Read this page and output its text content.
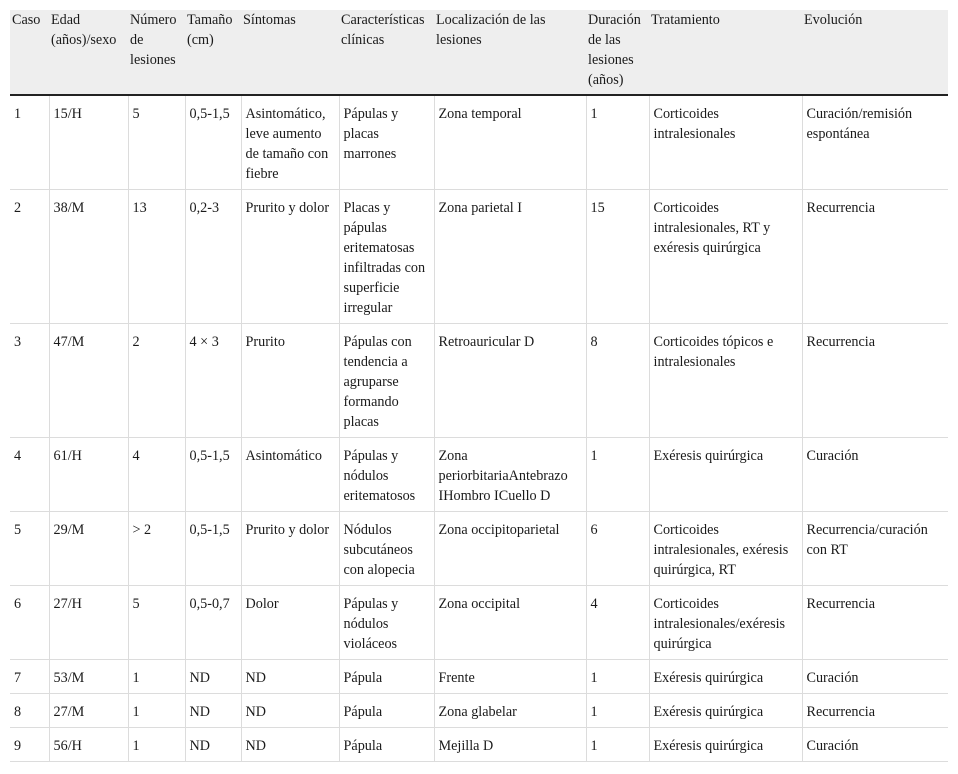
Caso	Edad (años)/sexo	Número de lesiones	Tamaño (cm)	Síntomas	Características clínicas	Localización de las lesiones	Duración de las lesiones (años)	Tratamiento	Evolución
1	15/H	5	0,5-1,5	Asintomático, leve aumento de tamaño con fiebre	Pápulas y placas marrones	Zona temporal	1	Corticoides intralesionales	Curación/remisión espontánea
2	38/M	13	0,2-3	Prurito y dolor	Placas y pápulas eritematosas infiltradas con superficie irregular	Zona parietal I	15	Corticoides intralesionales, RT y exéresis quirúrgica	Recurrencia
3	47/M	2	4 × 3	Prurito	Pápulas con tendencia a agruparse formando placas	Retroauricular D	8	Corticoides tópicos e intralesionales	Recurrencia
4	61/H	4	0,5-1,5	Asintomático	Pápulas y nódulos eritematosos	Zona periorbitariaAntebrazo IHombro ICuello D	1	Exéresis quirúrgica	Curación
5	29/M	> 2	0,5-1,5	Prurito y dolor	Nódulos subcutáneos con alopecia	Zona occipitoparietal	6	Corticoides intralesionales, exéresis quirúrgica, RT	Recurrencia/curación con RT
6	27/H	5	0,5-0,7	Dolor	Pápulas y nódulos violáceos	Zona occipital	4	Corticoides intralesionales/exéresis quirúrgica	Recurrencia
7	53/M	1	ND	ND	Pápula	Frente	1	Exéresis quirúrgica	Curación
8	27/M	1	ND	ND	Pápula	Zona glabelar	1	Exéresis quirúrgica	Recurrencia
9	56/H	1	ND	ND	Pápula	Mejilla D	1	Exéresis quirúrgica	Curación
